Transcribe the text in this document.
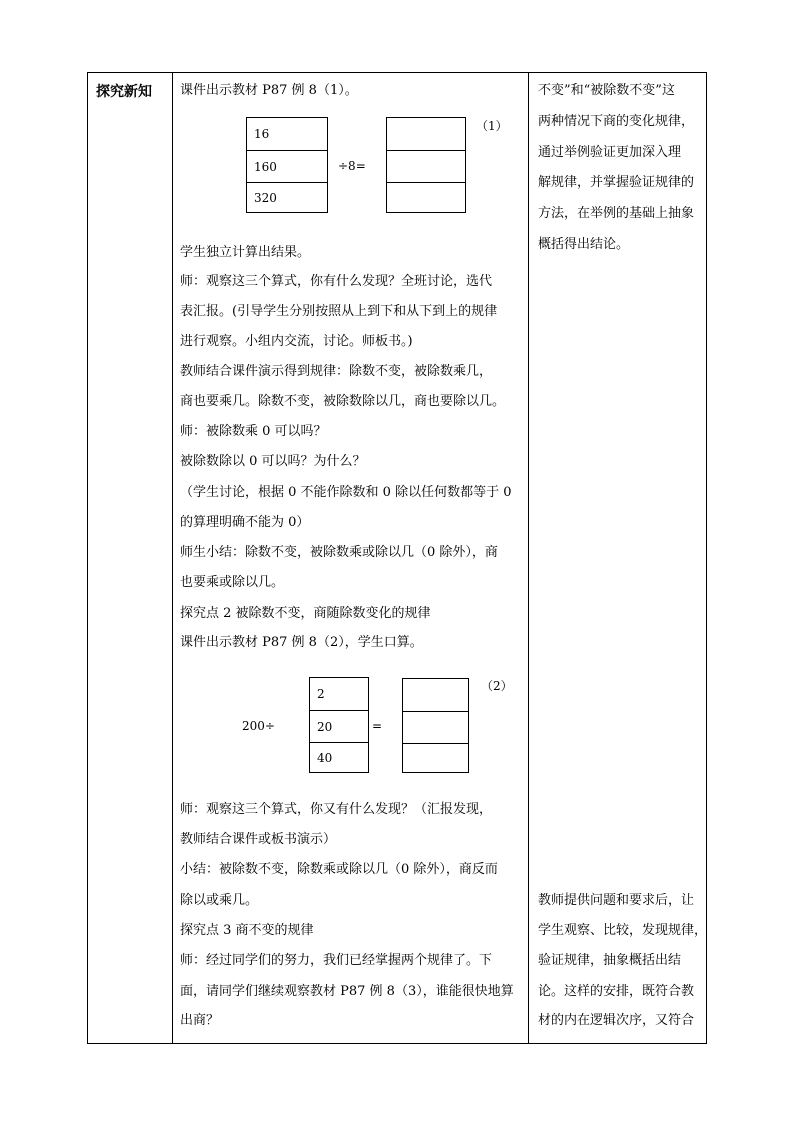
探究新知 课件出示教材 P87 例 8（1）。
16
160
320
÷8=
（1）
学生独立计算出结果。
师：观察这三个算式，你有什么发现？全班讨论，选代
表汇报。(引导学生分别按照从上到下和从下到上的规律
进行观察。小组内交流，讨论。师板书。)
教师结合课件演示得到规律：除数不变，被除数乘几，
商也要乘几。除数不变，被除数除以几，商也要除以几。
师：被除数乘 0 可以吗？
被除数除以 0 可以吗？为什么？
（学生讨论，根据 0 不能作除数和 0 除以任何数都等于 0
的算理明确不能为 0）
师生小结：除数不变，被除数乘或除以几（0 除外），商
也要乘或除以几。
探究点 2 被除数不变，商随除数变化的规律
课件出示教材 P87 例 8（2），学生口算。
200÷
2
20
40
=
（2）
师：观察这三个算式，你又有什么发现？（汇报发现，
教师结合课件或板书演示）
小结：被除数不变，除数乘或除以几（0 除外），商反而
除以或乘几。
探究点 3 商不变的规律
师：经过同学们的努力，我们已经掌握两个规律了。下
面，请同学们继续观察教材 P87 例 8（3），谁能很快地算
出商？
不变”和“被除数不变”这
两种情况下商的变化规律，
通过举例验证更加深入理
解规律，并掌握验证规律的
方法，在举例的基础上抽象
概括得出结论。
教师提供问题和要求后，让
学生观察、比较，发现规律，
验证规律，抽象概括出结
论。这样的安排，既符合教
材的内在逻辑次序，又符合
